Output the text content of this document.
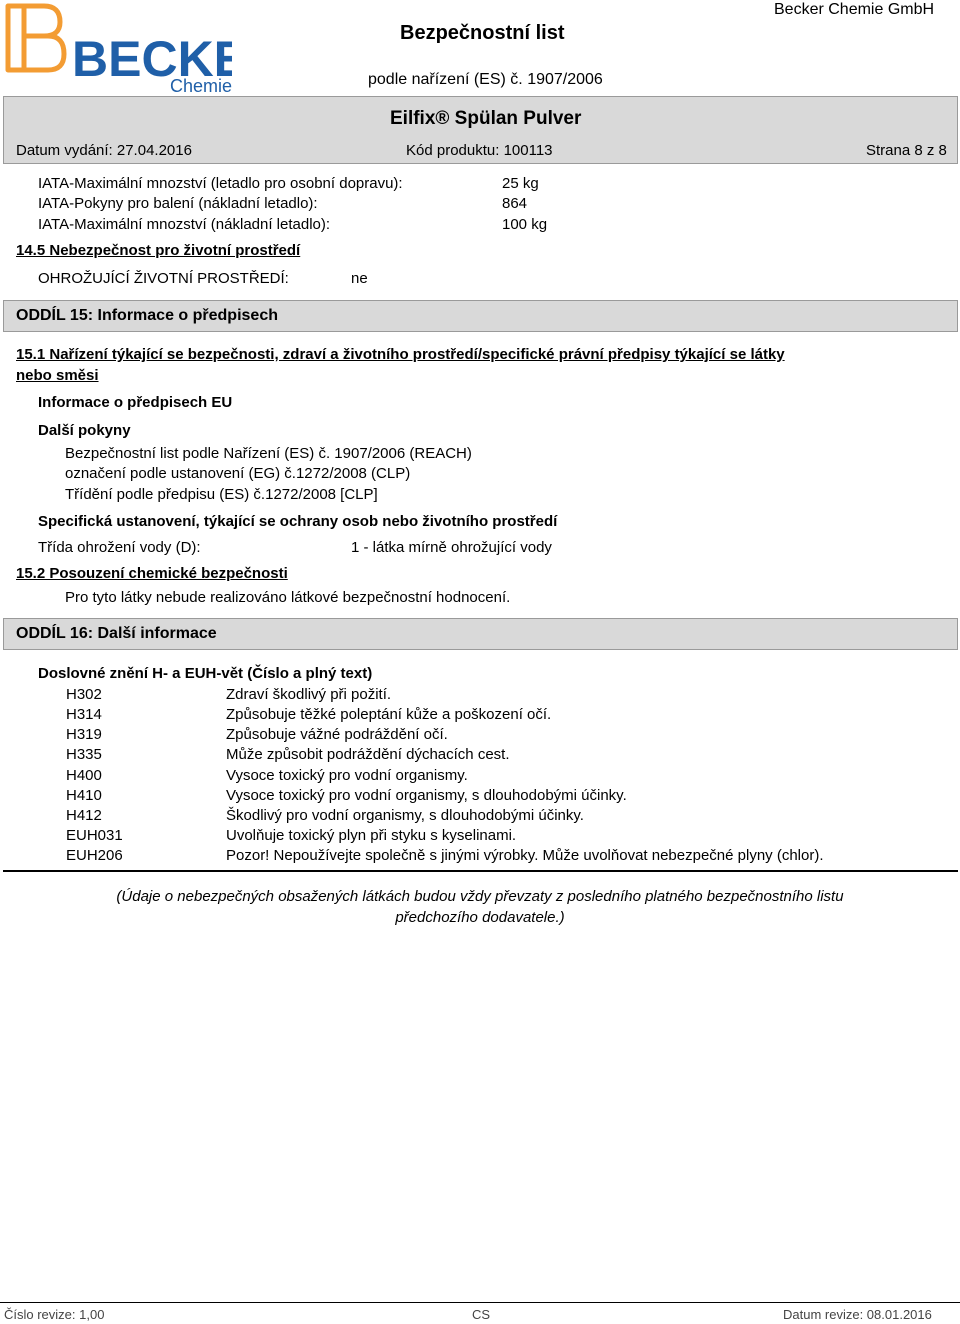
BECKE
Chemie
Bezpečnostní list
Becker Chemie GmbH
podle nařízení (ES) č. 1907/2006
Eilfix® Spülan Pulver
Datum vydání: 27.04.2016	Kód produktu: 100113	Strana 8 z 8
IATA-Maximální mnozství (letadlo pro osobní dopravu):	25 kg
IATA-Pokyny pro balení (nákladní letadlo):	864
IATA-Maximální mnozství (nákladní letadlo):	100 kg
14.5 Nebezpečnost pro životní prostředí
OHROŽUJÍCÍ ŽIVOTNÍ PROSTŘEDÍ:	ne
ODDÍL 15: Informace o předpisech
15.1 Nařízení týkající se bezpečnosti, zdraví a životního prostředí/specifické právní předpisy týkající se látky
nebo směsi
Informace o předpisech EU
Další pokyny
Bezpečnostní list podle Nařízení (ES) č. 1907/2006 (REACH)
označení podle ustanovení (EG) č.1272/2008 (CLP)
Třídění podle předpisu (ES) č.1272/2008 [CLP]
Specifická ustanovení, týkající se ochrany osob nebo životního prostředí
Třída ohrožení vody (D):	1 - látka mírně ohrožující vody
15.2 Posouzení chemické bezpečnosti
Pro tyto látky nebude realizováno látkové bezpečnostní hodnocení.
ODDÍL 16: Další informace
Doslovné znění H- a EUH-vět (Číslo a plný text)
H302	Zdraví škodlivý při požití.
H314	Způsobuje těžké poleptání kůže a poškození očí.
H319	Způsobuje vážné podráždění očí.
H335	Může způsobit podráždění dýchacích cest.
H400	Vysoce toxický pro vodní organismy.
H410	Vysoce toxický pro vodní organismy, s dlouhodobými účinky.
H412	Škodlivý pro vodní organismy, s dlouhodobými účinky.
EUH031	Uvolňuje toxický plyn při styku s kyselinami.
EUH206	Pozor! Nepoužívejte společně s jinými výrobky. Může uvolňovat nebezpečné plyny (chlor).
(Údaje o nebezpečných obsažených látkách budou vždy převzaty z posledního platného bezpečnostního listu
předchozího dodavatele.)
Číslo revize: 1,00	CS	Datum revize: 08.01.2016
